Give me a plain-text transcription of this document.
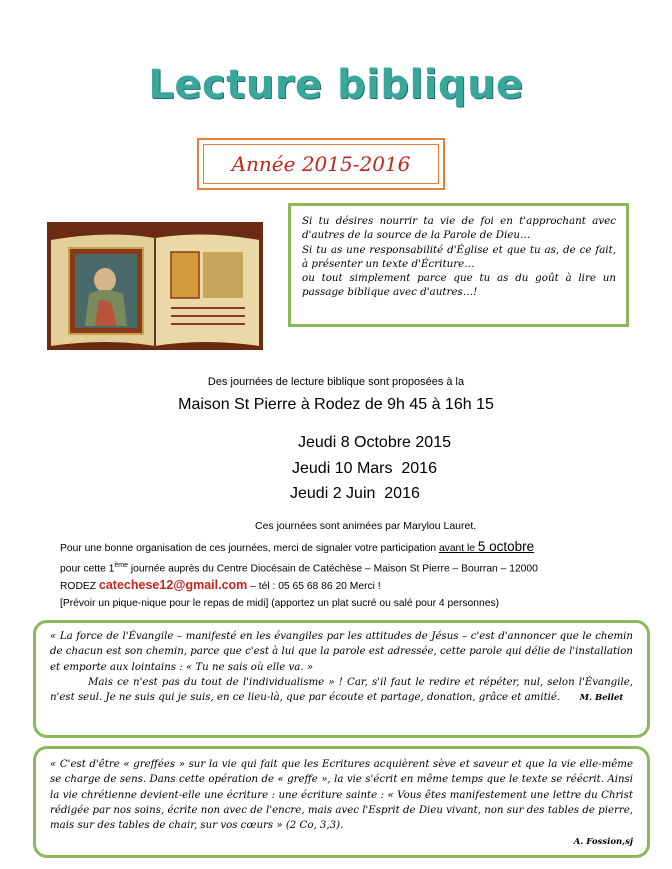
Lecture biblique
Année 2015-2016

Si tu désires nourrir ta vie de foi en t'approchant avec d'autres de la source de la Parole de Dieu…

Si tu as une responsabilité d'Église et que tu as, de ce fait, à présenter un texte d'Écriture…

ou tout simplement parce que tu as du goût à lire un passage biblique avec d'autres…!

Des journées de lecture biblique sont proposées à la
Maison St Pierre à Rodez de 9h 45 à 16h 15
Jeudi 8 Octobre 2015
Jeudi 10 Mars  2016
Jeudi 2 Juin  2016
Ces journées sont animées par Marylou Lauret.
Pour une bonne organisation de ces journées, merci de signaler votre participation avant le 5 octobre
pour cette 1ème journée auprès du Centre Diocésain de Catéchèse – Maison St Pierre – Bourran – 12000
RODEZ catechese12@gmail.com – tél : 05 65 68 86 20 Merci !
[Prévoir un pique-nique pour le repas de midi] (apportez un plat sucré ou salé pour 4 personnes)

« La force de l'Évangile – manifesté en les évangiles par les attitudes de Jésus – c'est d'annoncer que le chemin de chacun est son chemin, parce que c'est à lui que la parole est adressée, cette parole qui délie de l'installation et emporte aux lointains : « Tu ne sais où elle va. »

Mais ce n'est pas du tout de l'individualisme » ! Car, s'il faut le redire et répéter, nul, selon l'Évangile, n'est seul. Je ne suis qui je suis, en ce lieu-là, que par écoute et partage, donation, grâce et amitié. M. Bellet

« C'est d'être « greffées » sur la vie qui fait que les Ecritures acquièrent sève et saveur et que la vie elle-même se charge de sens. Dans cette opération de « greffe », la vie s'écrit en même temps que le texte se réécrit. Ainsi la vie chrétienne devient-elle une écriture : une écriture sainte : « Vous êtes manifestement une lettre du Christ rédigée par nos soins, écrite non avec de l'encre, mais avec l'Esprit de Dieu vivant, non sur des tables de pierre, mais sur des tables de chair, sur vos cœurs » (2 Co, 3,3).

A. Fossion,sj
